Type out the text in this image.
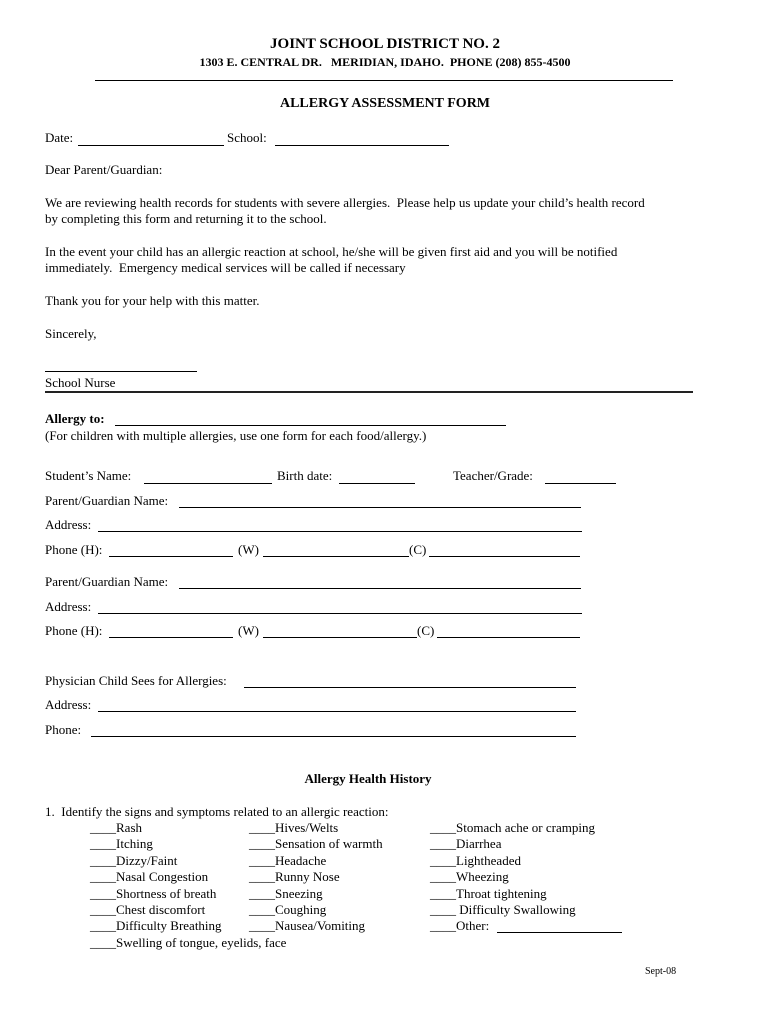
JOINT SCHOOL DISTRICT NO. 2
1303 E. CENTRAL DR.   MERIDIAN, IDAHO.  PHONE (208) 855-4500
ALLERGY ASSESSMENT FORM
Date:	School:
Dear Parent/Guardian:
We are reviewing health records for students with severe allergies.  Please help us update your child’s health record
by completing this form and returning it to the school.
In the event your child has an allergic reaction at school, he/she will be given first aid and you will be notified
immediately.  Emergency medical services will be called if necessary
Thank you for your help with this matter.
Sincerely,
School Nurse
Allergy to:
(For children with multiple allergies, use one form for each food/allergy.)
Student’s Name:	Birth date:	Teacher/Grade:
Parent/Guardian Name:
Address:
Phone (H):	(W)	(C)
Parent/Guardian Name:
Address:
Phone (H):	(W)	(C)
Physician Child Sees for Allergies:
Address:
Phone:
Allergy Health History
1.  Identify the signs and symptoms related to an allergic reaction:
____Rash
____Itching
____Dizzy/Faint
____Nasal Congestion
____Shortness of breath
____Chest discomfort
____Difficulty Breathing
____Swelling of tongue, eyelids, face
____Hives/Welts
____Sensation of warmth
____Headache
____Runny Nose
____Sneezing
____Coughing
____Nausea/Vomiting
____Stomach ache or cramping
____Diarrhea
____Lightheaded
____Wheezing
____Throat tightening
____ Difficulty Swallowing
____Other:
Sept-08
